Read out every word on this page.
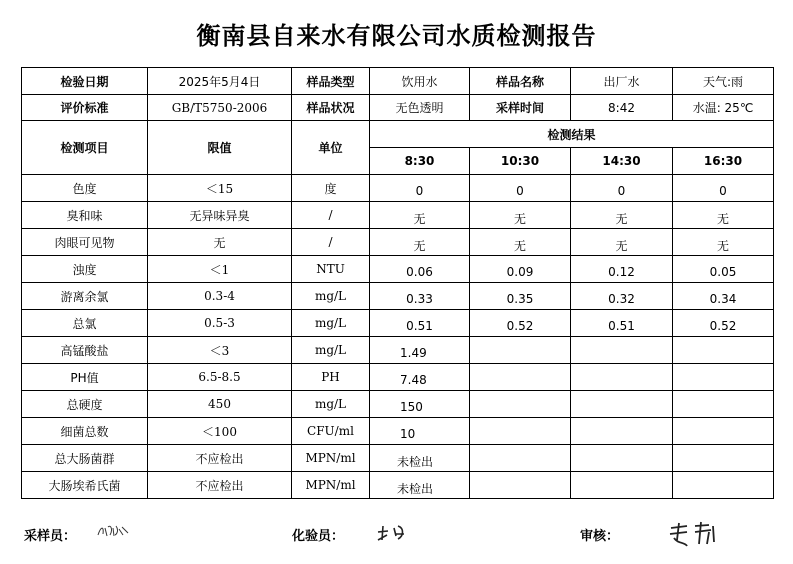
衡南县自来水有限公司水质检测报告
检验日期	2025年5月4日	样品类型	饮用水	样品名称	出厂水	天气:雨
评价标准	GB/T5750-2006	样品状况	无色透明	采样时间	8:42	水温: 25℃
检测项目	限值	单位	检测结果			
			8:30	10:30	14:30	16:30
色度	＜15	度	0	0	0	0
臭和味	无异味异臭	/	无	无	无	无
肉眼可见物	无	/	无	无	无	无
浊度	＜1	NTU	0.06	0.09	0.12	0.05
游离余氯	0.3-4	mg/L	0.33	0.35	0.32	0.34
总氯	0.5-3	mg/L	0.51	0.52	0.51	0.52
高锰酸盐	＜3	mg/L	1.49			
PH值	6.5-8.5	PH	7.48			
总硬度	450	mg/L	150			
细菌总数	＜100	CFU/ml	10			
总大肠菌群	不应检出	MPN/ml	未检出			
大肠埃希氏菌	不应检出	MPN/ml	未检出			
采样员：	化验员：	审核：
